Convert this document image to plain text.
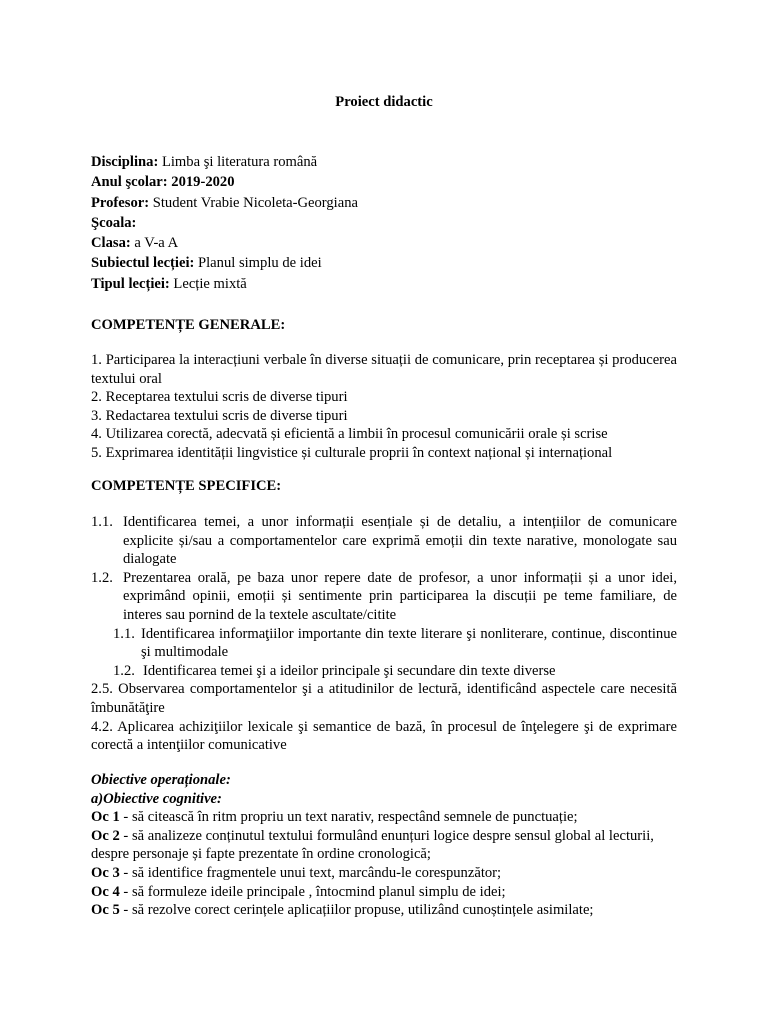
Proiect didactic
Disciplina: Limba şi literatura română
Anul şcolar: 2019-2020
Profesor: Student Vrabie Nicoleta-Georgiana
Şcoala:
Clasa: a V-a A
Subiectul lecției: Planul simplu de idei
Tipul lecției: Lecție mixtă
COMPETENȚE GENERALE:
1. Participarea la interacțiuni verbale în diverse situații de comunicare, prin receptarea și producerea textului oral
2. Receptarea textului scris de diverse tipuri
3. Redactarea textului scris de diverse tipuri
4. Utilizarea corectă, adecvată și eficientă a limbii în procesul comunicării orale și scrise
5. Exprimarea identității lingvistice și culturale proprii în context național și internațional
COMPETENȚE SPECIFICE:
1.1. Identificarea temei, a unor informații esențiale și de detaliu, a intențiilor de comunicare explicite și/sau a comportamentelor care exprimă emoții din texte narative, monologate sau dialogate
1.2. Prezentarea orală, pe baza unor repere date de profesor, a unor informații și a unor idei, exprimând opinii, emoții și sentimente prin participarea la discuții pe teme familiare, de interes sau pornind de la textele ascultate/citite
1.1. Identificarea informaţiilor importante din texte literare şi nonliterare, continue, discontinue şi multimodale
1.2. Identificarea temei şi a ideilor principale şi secundare din texte diverse
2.5. Observarea comportamentelor şi a atitudinilor de lectură, identificând aspectele care necesită îmbunătăţire
4.2. Aplicarea achiziţiilor lexicale şi semantice de bază, în procesul de înţelegere şi de exprimare corectă a intenţiilor comunicative
Obiective operaționale:
a)Obiective cognitive:
Oc 1 - să citească în ritm propriu un text narativ, respectând semnele de punctuație;
Oc 2 - să analizeze conținutul textului formulând enunțuri logice despre sensul global al lecturii, despre personaje și fapte prezentate în ordine cronologică;
Oc 3 - să identifice fragmentele unui text, marcându-le corespunzător;
Oc 4 - să formuleze ideile principale , întocmind planul simplu de idei;
Oc 5 - să rezolve corect cerințele aplicațiilor propuse, utilizând cunoștințele asimilate;
